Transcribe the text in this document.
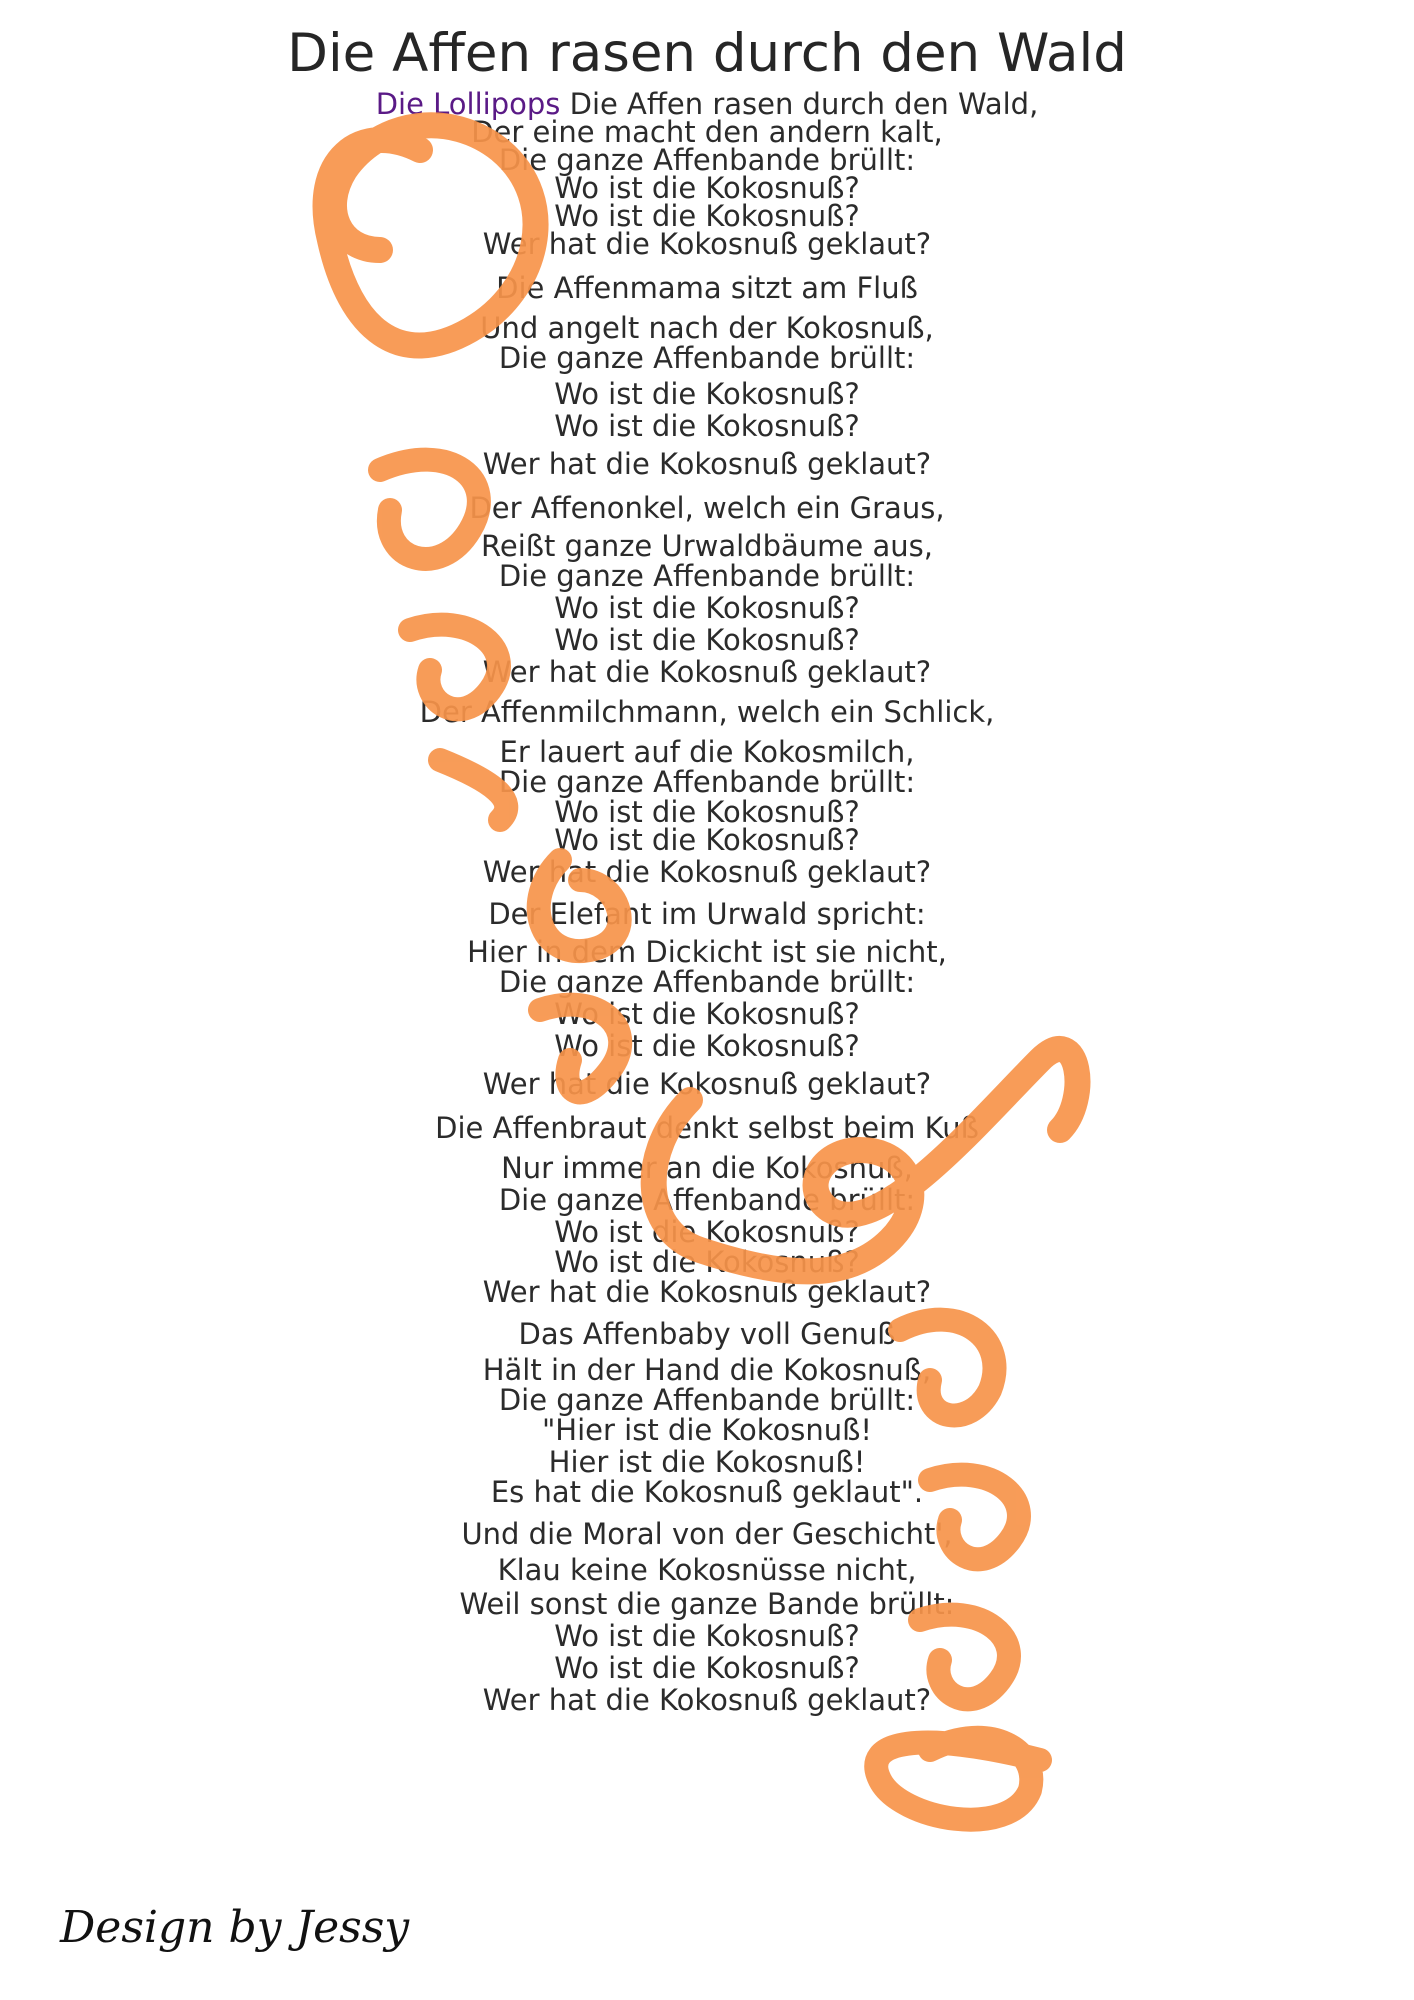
Die Affen rasen durch den Wald
Die Lollipops Die Affen rasen durch den Wald,
Der eine macht den andern kalt,
Die ganze Affenbande brüllt:
Wo ist die Kokosnuß?
Wo ist die Kokosnuß?
Wer hat die Kokosnuß geklaut?
Die Affenmama sitzt am Fluß
Und angelt nach der Kokosnuß,
Die ganze Affenbande brüllt:
Wo ist die Kokosnuß?
Wo ist die Kokosnuß?
Wer hat die Kokosnuß geklaut?
Der Affenonkel, welch ein Graus,
Reißt ganze Urwaldbäume aus,
Die ganze Affenbande brüllt:
Wo ist die Kokosnuß?
Wo ist die Kokosnuß?
Wer hat die Kokosnuß geklaut?
Der Affenmilchmann, welch ein Schlick,
Er lauert auf die Kokosmilch,
Die ganze Affenbande brüllt:
Wo ist die Kokosnuß?
Wo ist die Kokosnuß?
Wer hat die Kokosnuß geklaut?
Der Elefant im Urwald spricht:
Hier in dem Dickicht ist sie nicht,
Die ganze Affenbande brüllt:
Wo ist die Kokosnuß?
Wo ist die Kokosnuß?
Wer hat die Kokosnuß geklaut?
Die Affenbraut denkt selbst beim Kuß
Nur immer an die Kokosnuß,
Die ganze Affenbande brüllt:
Wo ist die Kokosnuß?
Wo ist die Kokosnuß?
Wer hat die Kokosnuß geklaut?
Das Affenbaby voll Genuß
Hält in der Hand die Kokosnuß,
Die ganze Affenbande brüllt:
"Hier ist die Kokosnuß!
Hier ist die Kokosnuß!
Es hat die Kokosnuß geklaut".
Und die Moral von der Geschicht',
Klau keine Kokosnüsse nicht,
Weil sonst die ganze Bande brüllt:
Wo ist die Kokosnuß?
Wo ist die Kokosnuß?
Wer hat die Kokosnuß geklaut?
Design by Jessy
